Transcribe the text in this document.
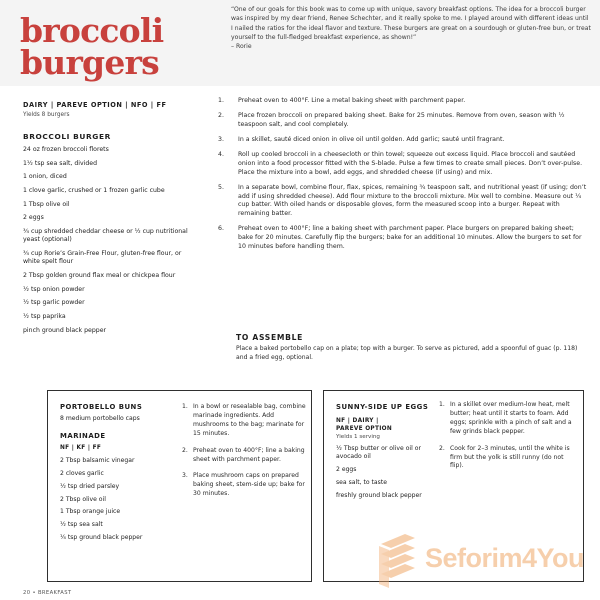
broccoli
burgers

“One of our goals for this book was to come up with unique, savory breakfast options. The idea for a broccoli burger was inspired by my dear friend, Renee Schechter, and it really spoke to me. I played around with different ideas until I nailed the ratios for the ideal flavor and texture. These burgers are great on a sourdough or gluten-free bun, or treat yourself to the full-fledged breakfast experience, as shown!”

– Rorie

DAIRY | PAREVE OPTION | NFO | FF
Yields 8 burgers
BROCCOLI BURGER
24 oz frozen broccoli florets
1½ tsp sea salt, divided
1 onion, diced
1 clove garlic, crushed or 1 frozen garlic cube
1 Tbsp olive oil
2 eggs
¾ cup shredded cheddar cheese or ½ cup nutritional yeast (optional)
¾ cup Rorie’s Grain-Free Flour, gluten-free flour, or white spelt flour
2 Tbsp golden ground flax meal or chickpea flour
½ tsp onion powder
½ tsp garlic powder
½ tsp paprika
pinch ground black pepper
1. Preheat oven to 400°F. Line a metal baking sheet with parchment paper.
2. Place frozen broccoli on prepared baking sheet. Bake for 25 minutes. Remove from oven, season with ½ teaspoon salt, and cool completely.
3. In a skillet, sauté diced onion in olive oil until golden. Add garlic; sauté until fragrant.
4. Roll up cooled broccoli in a cheesecloth or thin towel; squeeze out excess liquid. Place broccoli and sautéed onion into a food processor fitted with the S-blade. Pulse a few times to create small pieces. Don’t over-pulse. Place the mixture into a bowl, add eggs, and shredded cheese (if using) and mix.
5. In a separate bowl, combine flour, flax, spices, remaining ¾ teaspoon salt, and nutritional yeast (if using; don’t add if using shredded cheese). Add flour mixture to the broccoli mixture. Mix well to combine. Measure out ¼ cup batter. With oiled hands or disposable gloves, form the measured scoop into a burger. Repeat with remaining batter.
6. Preheat oven to 400°F; line a baking sheet with parchment paper. Place burgers on prepared baking sheet; bake for 20 minutes. Carefully flip the burgers; bake for an additional 10 minutes. Allow the burgers to set for 10 minutes before handling them.
TO ASSEMBLE
Place a baked portobello cap on a plate; top with a burger. To serve as pictured, add a spoonful of guac (p. 118) and a fried egg, optional.
PORTOBELLO BUNS
8 medium portobello caps
MARINADE
NF | KF | FF
2 Tbsp balsamic vinegar
2 cloves garlic
½ tsp dried parsley
2 Tbsp olive oil
1 Tbsp orange juice
½ tsp sea salt
¼ tsp ground black pepper
1. In a bowl or resealable bag, combine marinade ingredients. Add mushrooms to the bag; marinate for 15 minutes.
2. Preheat oven to 400°F; line a baking sheet with parchment paper.
3. Place mushroom caps on prepared baking sheet, stem-side up; bake for 30 minutes.
SUNNY-SIDE UP EGGS
NF | DAIRY |
PAREVE OPTION
Yields 1 serving
½ Tbsp butter or olive oil or avocado oil
2 eggs
sea salt, to taste
freshly ground black pepper
1. In a skillet over medium-low heat, melt butter; heat until it starts to foam. Add eggs; sprinkle with a pinch of salt and a few grinds black pepper.
2. Cook for 2–3 minutes, until the white is firm but the yolk is still runny (do not flip).
20 • BREAKFAST
Seforim4You
